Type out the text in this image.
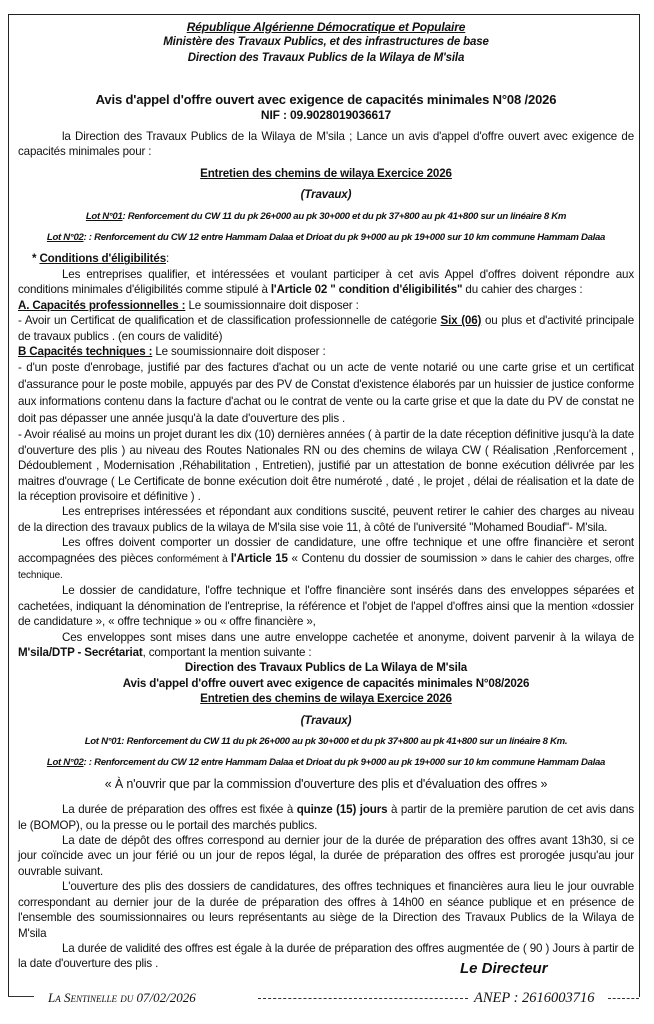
République Algérienne Démocratique et Populaire
Ministère des Travaux Publics, et des infrastructures de base
Direction des Travaux Publics de la Wilaya de M'sila
Avis d'appel d'offre ouvert avec exigence de capacités minimales N°08 /2026
NIF : 09.9028019036617

la Direction des Travaux Publics de la Wilaya de M'sila ; Lance un avis d'appel d'offre ouvert avec exigence de capacités minimales pour :

Entretien des chemins de wilaya Exercice 2026
(Travaux)
Lot N°01: Renforcement du CW 11 du pk 26+000 au pk 30+000 et du pk 37+800 au pk 41+800 sur un linéaire 8 Km
Lot N°02: : Renforcement du CW 12 entre Hammam Dalaa et Drioat du pk 9+000 au pk 19+000 sur 10 km commune Hammam Dalaa
* Conditions d'éligibilités:

Les entreprises qualifier, et intéressées et voulant participer à cet avis Appel d'offres doivent répondre aux conditions minimales d'éligibilités comme stipulé à l'Article 02 " condition d'éligibilités" du cahier des charges :

A. Capacités professionnelles : Le soumissionnaire doit disposer :

- Avoir un Certificat de qualification et de classification professionnelle de catégorie Six (06) ou plus et d'activité principale de travaux publics . (en cours de validité)

B Capacités techniques : Le soumissionnaire doit disposer :

- d'un poste d'enrobage, justifié par des factures d'achat ou un acte de vente notarié ou une carte grise et un certificat d'assurance pour le poste mobile, appuyés par des PV de Constat d'existence élaborés par un huissier de justice conforme aux informations contenu dans la facture d'achat ou le contrat de vente ou la carte grise et que la date du PV de constat ne doit pas dépasser une année jusqu'à la date d'ouverture des plis .

- Avoir réalisé au moins un projet durant les dix (10) dernières années ( à partir de la date réception définitive jusqu'à la date d'ouverture des plis ) au niveau des Routes Nationales RN ou des chemins de wilaya CW ( Réalisation ,Renforcement , Dédoublement , Modernisation ,Réhabilitation , Entretien), justifié par un attestation de bonne exécution délivrée par les maitres d'ouvrage ( Le Certificate de bonne exécution doit être numéroté , daté , le projet , délai de réalisation et la date de la réception provisoire et définitive ) .

Les entreprises intéressées et répondant aux conditions suscité, peuvent retirer le cahier des charges au niveau de la direction des travaux publics de la wilaya de M'sila sise voie 11, à côté de l'université "Mohamed Boudiaf"- M'sila.

Les offres doivent comporter un dossier de candidature, une offre technique et une offre financière et seront accompagnées des pièces conformément à l'Article 15 « Contenu du dossier de soumission » dans le cahier des charges, offre technique.

Le dossier de candidature, l'offre technique et l'offre financière sont insérés dans des enveloppes séparées et cachetées, indiquant la dénomination de l'entreprise, la référence et l'objet de l'appel d'offres ainsi que la mention «dossier de candidature », « offre technique » ou « offre financière »,

Ces enveloppes sont mises dans une autre enveloppe cachetée et anonyme, doivent parvenir à la wilaya de M'sila/DTP - Secrétariat, comportant la mention suivante :

Direction des Travaux Publics de La Wilaya de M'sila
Avis d'appel d'offre ouvert avec exigence de capacités minimales N°08/2026
Entretien des chemins de wilaya Exercice 2026
(Travaux)
Lot N°01: Renforcement du CW 11 du pk 26+000 au pk 30+000 et du pk 37+800 au pk 41+800 sur un linéaire 8 Km.
Lot N°02: : Renforcement du CW 12 entre Hammam Dalaa et Drioat du pk 9+000 au pk 19+000 sur 10 km commune Hammam Dalaa
« À n'ouvrir que par la commission d'ouverture des plis et d'évaluation des offres »

La durée de préparation des offres est fixée à quinze (15) jours à partir de la première parution de cet avis dans le (BOMOP), ou la presse ou le portail des marchés publics.

La date de dépôt des offres correspond au dernier jour de la durée de préparation des offres avant 13h30, si ce jour coïncide avec un jour férié ou un jour de repos légal, la durée de préparation des offres est prorogée jusqu'au jour ouvrable suivant.

L'ouverture des plis des dossiers de candidatures, des offres techniques et financières aura lieu le jour ouvrable correspondant au dernier jour de la durée de préparation des offres à 14h00 en séance publique et en présence de l'ensemble des soumissionnaires ou leurs représentants au siège de la Direction des Travaux Publics de la Wilaya de M'sila

La durée de validité des offres est égale à la durée de préparation des offres augmentée de ( 90 ) Jours à partir de la date d'ouverture des plis .	Le Directeur
La Sentinelle du 07/02/2026	ANEP : 2616003716
